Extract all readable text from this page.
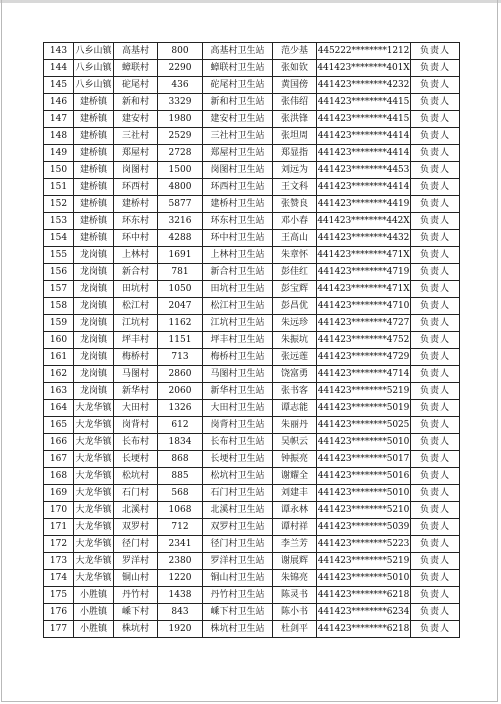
143	八乡山镇	高基村	800	高基村卫生站	范少基	445222********1212	负责人
144	八乡山镇	蟑联村	2290	蟑联村卫生站	张如钦	441423********401X	负责人
145	八乡山镇	砣尾村	436	砣尾村卫生站	黄国傍	441423********4232	负责人
146	建桥镇	新和村	3329	新和村卫生站	张伟绍	441423********4415	负责人
147	建桥镇	建安村	1980	建安村卫生站	张洪锋	441423********4415	负责人
148	建桥镇	三社村	2529	三社村卫生站	张坦周	441423********4414	负责人
149	建桥镇	郑屋村	2728	郑屋村卫生站	郑显指	441423********4414	负责人
150	建桥镇	岗图村	1500	岗图村卫生站	刘远为	441423********4453	负责人
151	建桥镇	环西村	4800	环西村卫生站	王文科	441423********4414	负责人
152	建桥镇	建桥村	5877	建桥村卫生站	张赞良	441423********4419	负责人
153	建桥镇	环东村	3216	环东村卫生站	邓小春	441423********442X	负责人
154	建桥镇	环中村	4288	环中村卫生站	王高山	441423********4432	负责人
155	龙岗镇	上林村	1691	上林村卫生站	朱章怀	441423********471X	负责人
156	龙岗镇	新合村	781	新合村卫生站	彭佳红	441423********4719	负责人
157	龙岗镇	田坑村	1050	田坑村卫生站	彭宝辉	441423********471X	负责人
158	龙岗镇	松江村	2047	松江村卫生站	彭昌优	441423********4710	负责人
159	龙岗镇	江坑村	1162	江坑村卫生站	朱远珍	441423********4727	负责人
160	龙岗镇	坪丰村	1151	坪丰村卫生站	朱振坑	441423********4752	负责人
161	龙岗镇	梅桥村	713	梅桥村卫生站	张远莲	441423********4729	负责人
162	龙岗镇	马图村	2860	马图村卫生站	饶富勇	441423********4714	负责人
163	龙岗镇	新华村	2060	新华村卫生站	张书客	441423********5219	负责人
164	大龙华镇	大田村	1326	大田村卫生站	谭志能	441423********5019	负责人
165	大龙华镇	岗背村	612	岗背村卫生站	朱丽丹	441423********5025	负责人
166	大龙华镇	长布村	1834	长布村卫生站	吴帜云	441423********5010	负责人
167	大龙华镇	长埂村	868	长埂村卫生站	钟振亮	441423********5017	负责人
168	大龙华镇	松坑村	885	松坑村卫生站	谢耀全	441423********5016	负责人
169	大龙华镇	石门村	568	石门村卫生站	刘建丰	441423********5010	负责人
170	大龙华镇	北溪村	1068	北溪村卫生站	谭永林	441423********5210	负责人
171	大龙华镇	双罗村	712	双罗村卫生站	谭村祥	441423********5039	负责人
172	大龙华镇	径门村	2341	径门村卫生站	李兰芳	441423********5223	负责人
173	大龙华镇	罗洋村	2380	罗洋村卫生站	谢展辉	441423********5219	负责人
174	大龙华镇	铜山村	1220	铜山村卫生站	朱锦亮	441423********5010	负责人
175	小胜镇	丹竹村	1438	丹竹村卫生站	陈灵书	441423********6218	负责人
176	小胜镇	嵊下村	843	嵊下村卫生站	陈小书	441423********6234	负责人
177	小胜镇	株坑村	1920	株坑村卫生站	杜剑平	441423********6218	负责人
